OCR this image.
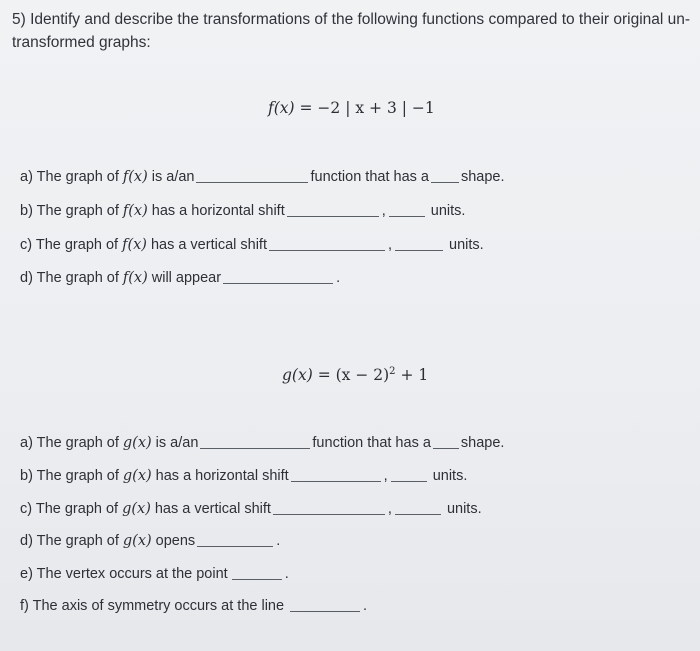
5) Identify and describe the transformations of the following functions compared to their original un-transformed graphs:
f(x) = −2 | x + 3 | −1
a) The graph of f(x) is a/an	function that has a shape.
b) The graph of f(x) has a horizontal shift	,	units.
c) The graph of f(x) has a vertical shift	,	units.
d) The graph of f(x) will appear	.
$g(x) = (x - 2)^2 + 1$
a) The graph of g(x) is a/an	function that has a shape.
b) The graph of g(x) has a horizontal shift	,	units.
c) The graph of g(x) has a vertical shift	,	units.
d) The graph of g(x) opens	.
e) The vertex occurs at the point	.
f) The axis of symmetry occurs at the line	.
